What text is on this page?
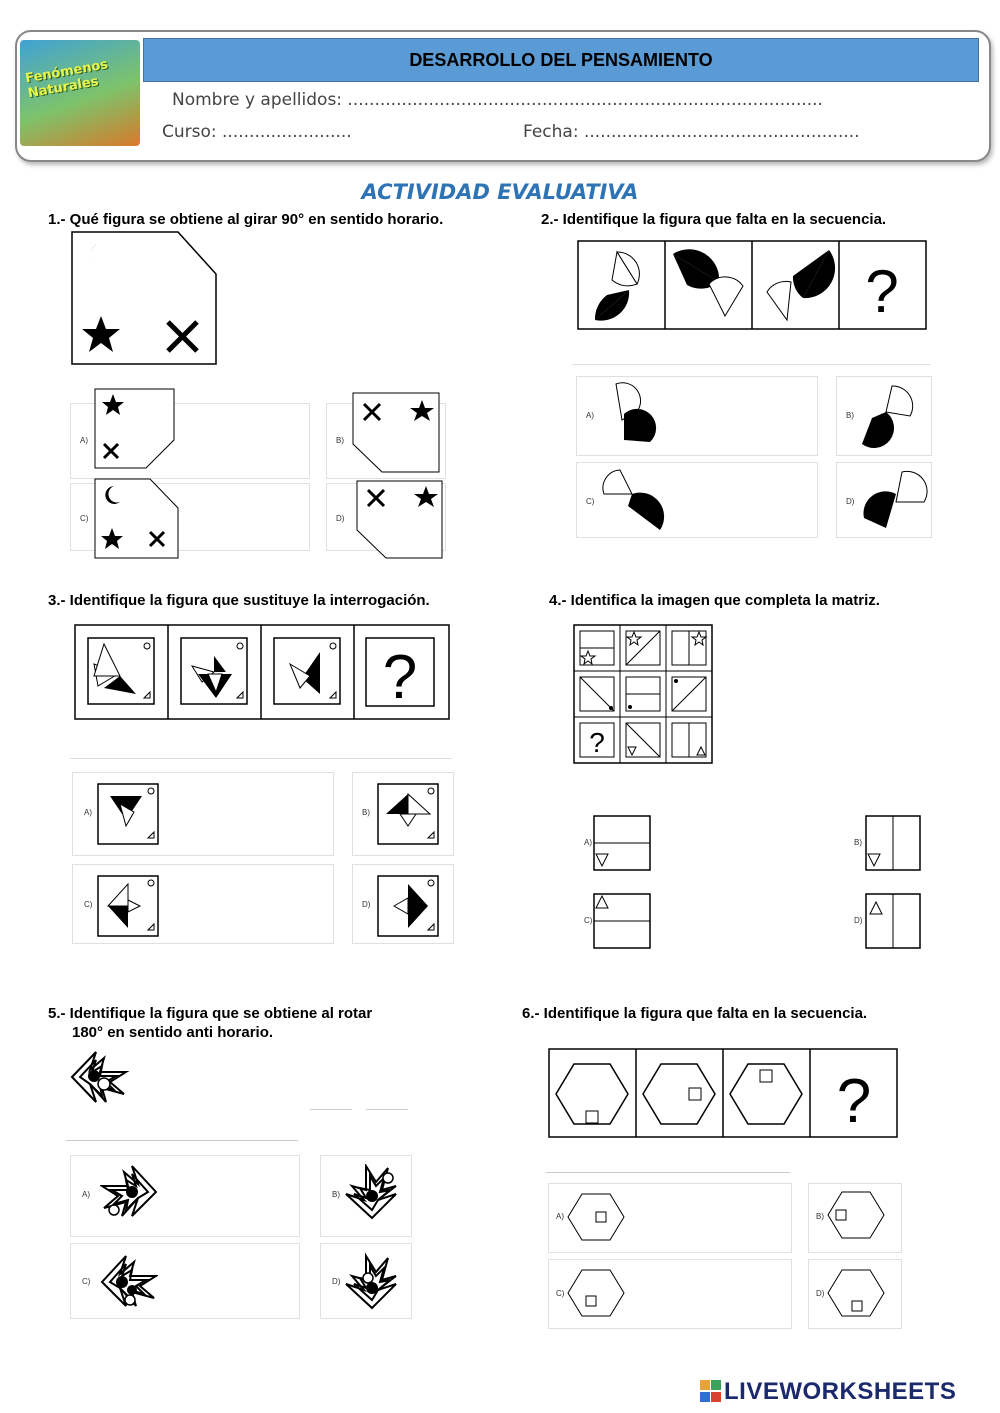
Fenómenos Naturales
DESARROLLO DEL PENSAMIENTO
Nombre y apellidos: ........................................................................................
Curso: ........................	Fecha: ...................................................
ACTIVIDAD EVALUATIVA
1.- Qué figura se obtiene al girar 90° en sentido horario.	2.- Identifique la figura que falta en la secuencia.
3.- Identifique la figura que sustituye la interrogación.	4.- Identifica la imagen que completa la matriz.
5.- Identifique la figura que se obtiene al rotar
180° en sentido anti horario.
6.- Identifique la figura que falta en la secuencia.
A)	B)
C)	D)
?
A)	B)
C)	D)
?
A)	B)
C)	D)
?
A)	B)
C)	D)
A)	B)
C)	D)
?
A)	B)
C)	D)
LIVEWORKSHEETS
